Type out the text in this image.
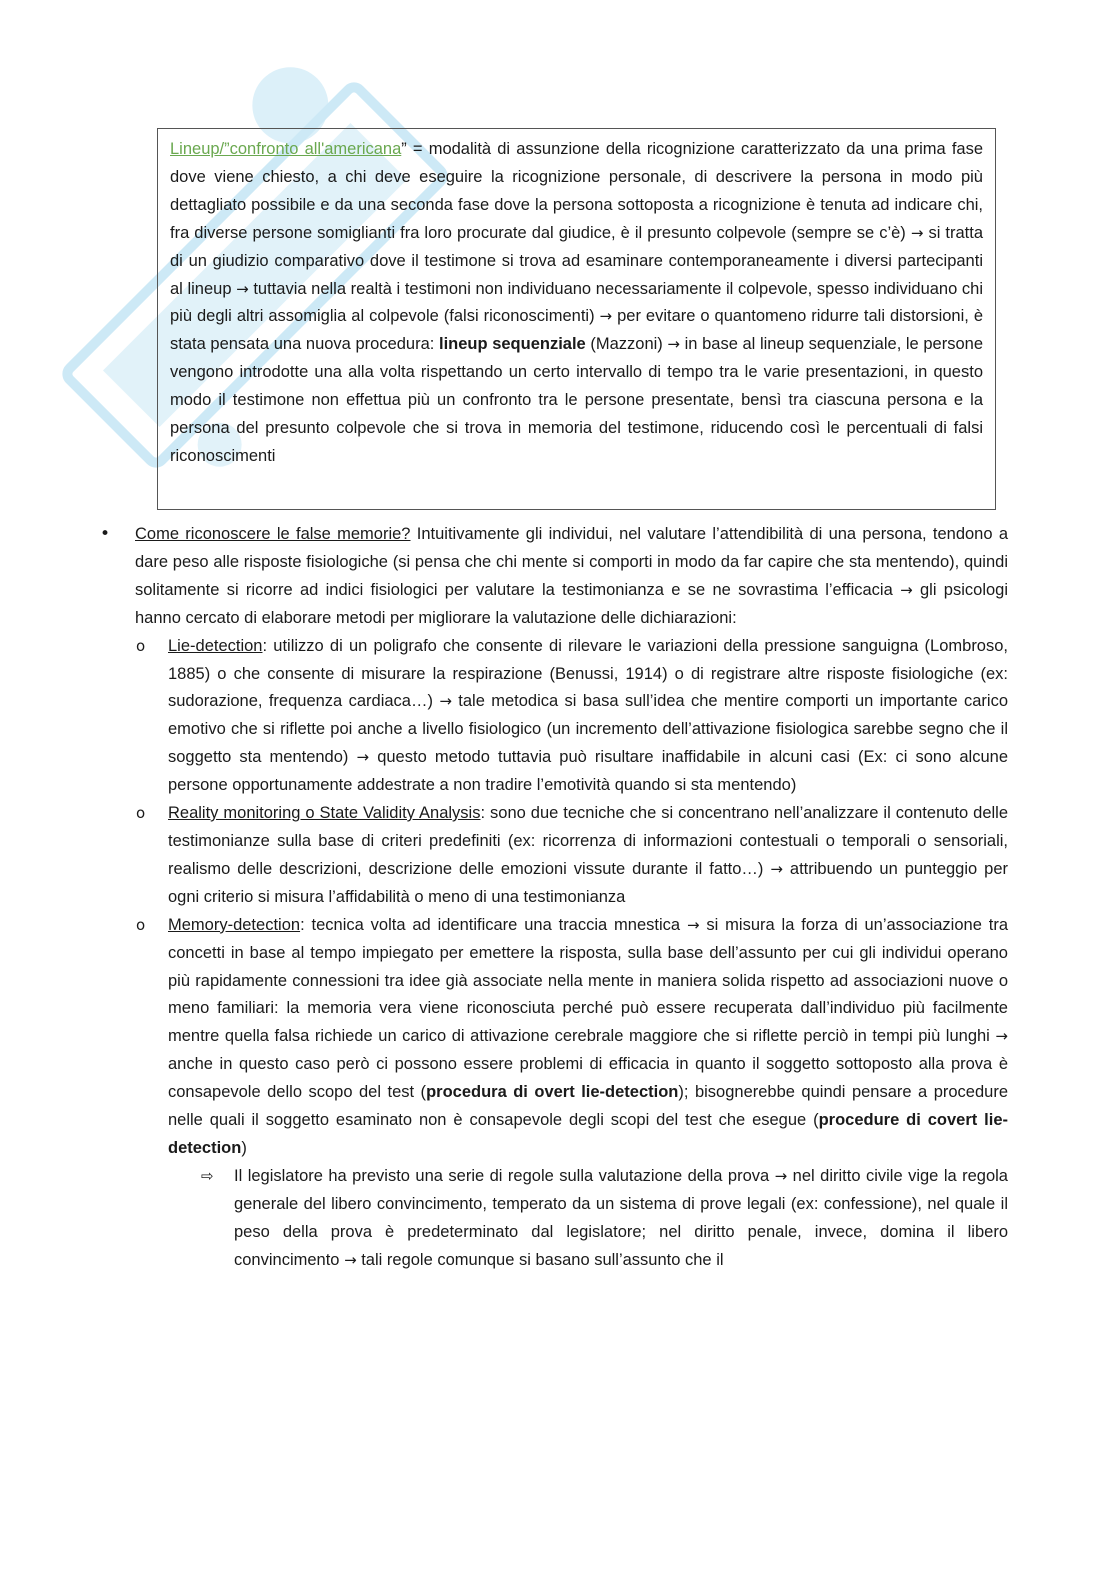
Lineup/”confronto all'americana” = modalità di assunzione della ricognizione caratterizzato da una prima fase dove viene chiesto, a chi deve eseguire la ricognizione personale, di descrivere la persona in modo più dettagliato possibile e da una seconda fase dove la persona sottoposta a ricognizione è tenuta ad indicare chi, fra diverse persone somiglianti fra loro procurate dal giudice, è il presunto colpevole (sempre se c’è) → si tratta di un giudizio comparativo dove il testimone si trova ad esaminare contemporaneamente i diversi partecipanti al lineup → tuttavia nella realtà i testimoni non individuano necessariamente il colpevole, spesso individuano chi più degli altri assomiglia al colpevole (falsi riconoscimenti) → per evitare o quantomeno ridurre tali distorsioni, è stata pensata una nuova procedura: lineup sequenziale (Mazzoni) → in base al lineup sequenziale, le persone vengono introdotte una alla volta rispettando un certo intervallo di tempo tra le varie presentazioni, in questo modo il testimone non effettua più un confronto tra le persone presentate, bensì tra ciascuna persona e la persona del presunto colpevole che si trova in memoria del testimone, riducendo così le percentuali di falsi riconoscimenti

• Come riconoscere le false memorie? Intuitivamente gli individui, nel valutare l’attendibilità di una persona, tendono a dare peso alle risposte fisiologiche (si pensa che chi mente si comporti in modo da far capire che sta mentendo), quindi solitamente si ricorre ad indici fisiologici per valutare la testimonianza e se ne sovrastima l’efficacia → gli psicologi hanno cercato di elaborare metodi per migliorare la valutazione delle dichiarazioni:
o Lie-detection: utilizzo di un poligrafo che consente di rilevare le variazioni della pressione sanguigna (Lombroso, 1885) o che consente di misurare la respirazione (Benussi, 1914) o di registrare altre risposte fisiologiche (ex: sudorazione, frequenza cardiaca…) → tale metodica si basa sull’idea che mentire comporti un importante carico emotivo che si riflette poi anche a livello fisiologico (un incremento dell’attivazione fisiologica sarebbe segno che il soggetto sta mentendo) → questo metodo tuttavia può risultare inaffidabile in alcuni casi (Ex: ci sono alcune persone opportunamente addestrate a non tradire l’emotività quando si sta mentendo)
o Reality monitoring o State Validity Analysis: sono due tecniche che si concentrano nell’analizzare il contenuto delle testimonianze sulla base di criteri predefiniti (ex: ricorrenza di informazioni contestuali o temporali o sensoriali, realismo delle descrizioni, descrizione delle emozioni vissute durante il fatto…) → attribuendo un punteggio per ogni criterio si misura l’affidabilità o meno di una testimonianza
o Memory-detection: tecnica volta ad identificare una traccia mnestica → si misura la forza di un’associazione tra concetti in base al tempo impiegato per emettere la risposta, sulla base dell’assunto per cui gli individui operano più rapidamente connessioni tra idee già associate nella mente in maniera solida rispetto ad associazioni nuove o meno familiari: la memoria vera viene riconosciuta perché può essere recuperata dall’individuo più facilmente mentre quella falsa richiede un carico di attivazione cerebrale maggiore che si riflette perciò in tempi più lunghi → anche in questo caso però ci possono essere problemi di efficacia in quanto il soggetto sottoposto alla prova è consapevole dello scopo del test (procedura di overt lie-detection); bisognerebbe quindi pensare a procedure nelle quali il soggetto esaminato non è consapevole degli scopi del test che esegue (procedure di covert lie-detection)
⇨ Il legislatore ha previsto una serie di regole sulla valutazione della prova → nel diritto civile vige la regola generale del libero convincimento, temperato da un sistema di prove legali (ex: confessione), nel quale il peso della prova è predeterminato dal legislatore; nel diritto penale, invece, domina il libero convincimento → tali regole comunque si basano sull’assunto che il
